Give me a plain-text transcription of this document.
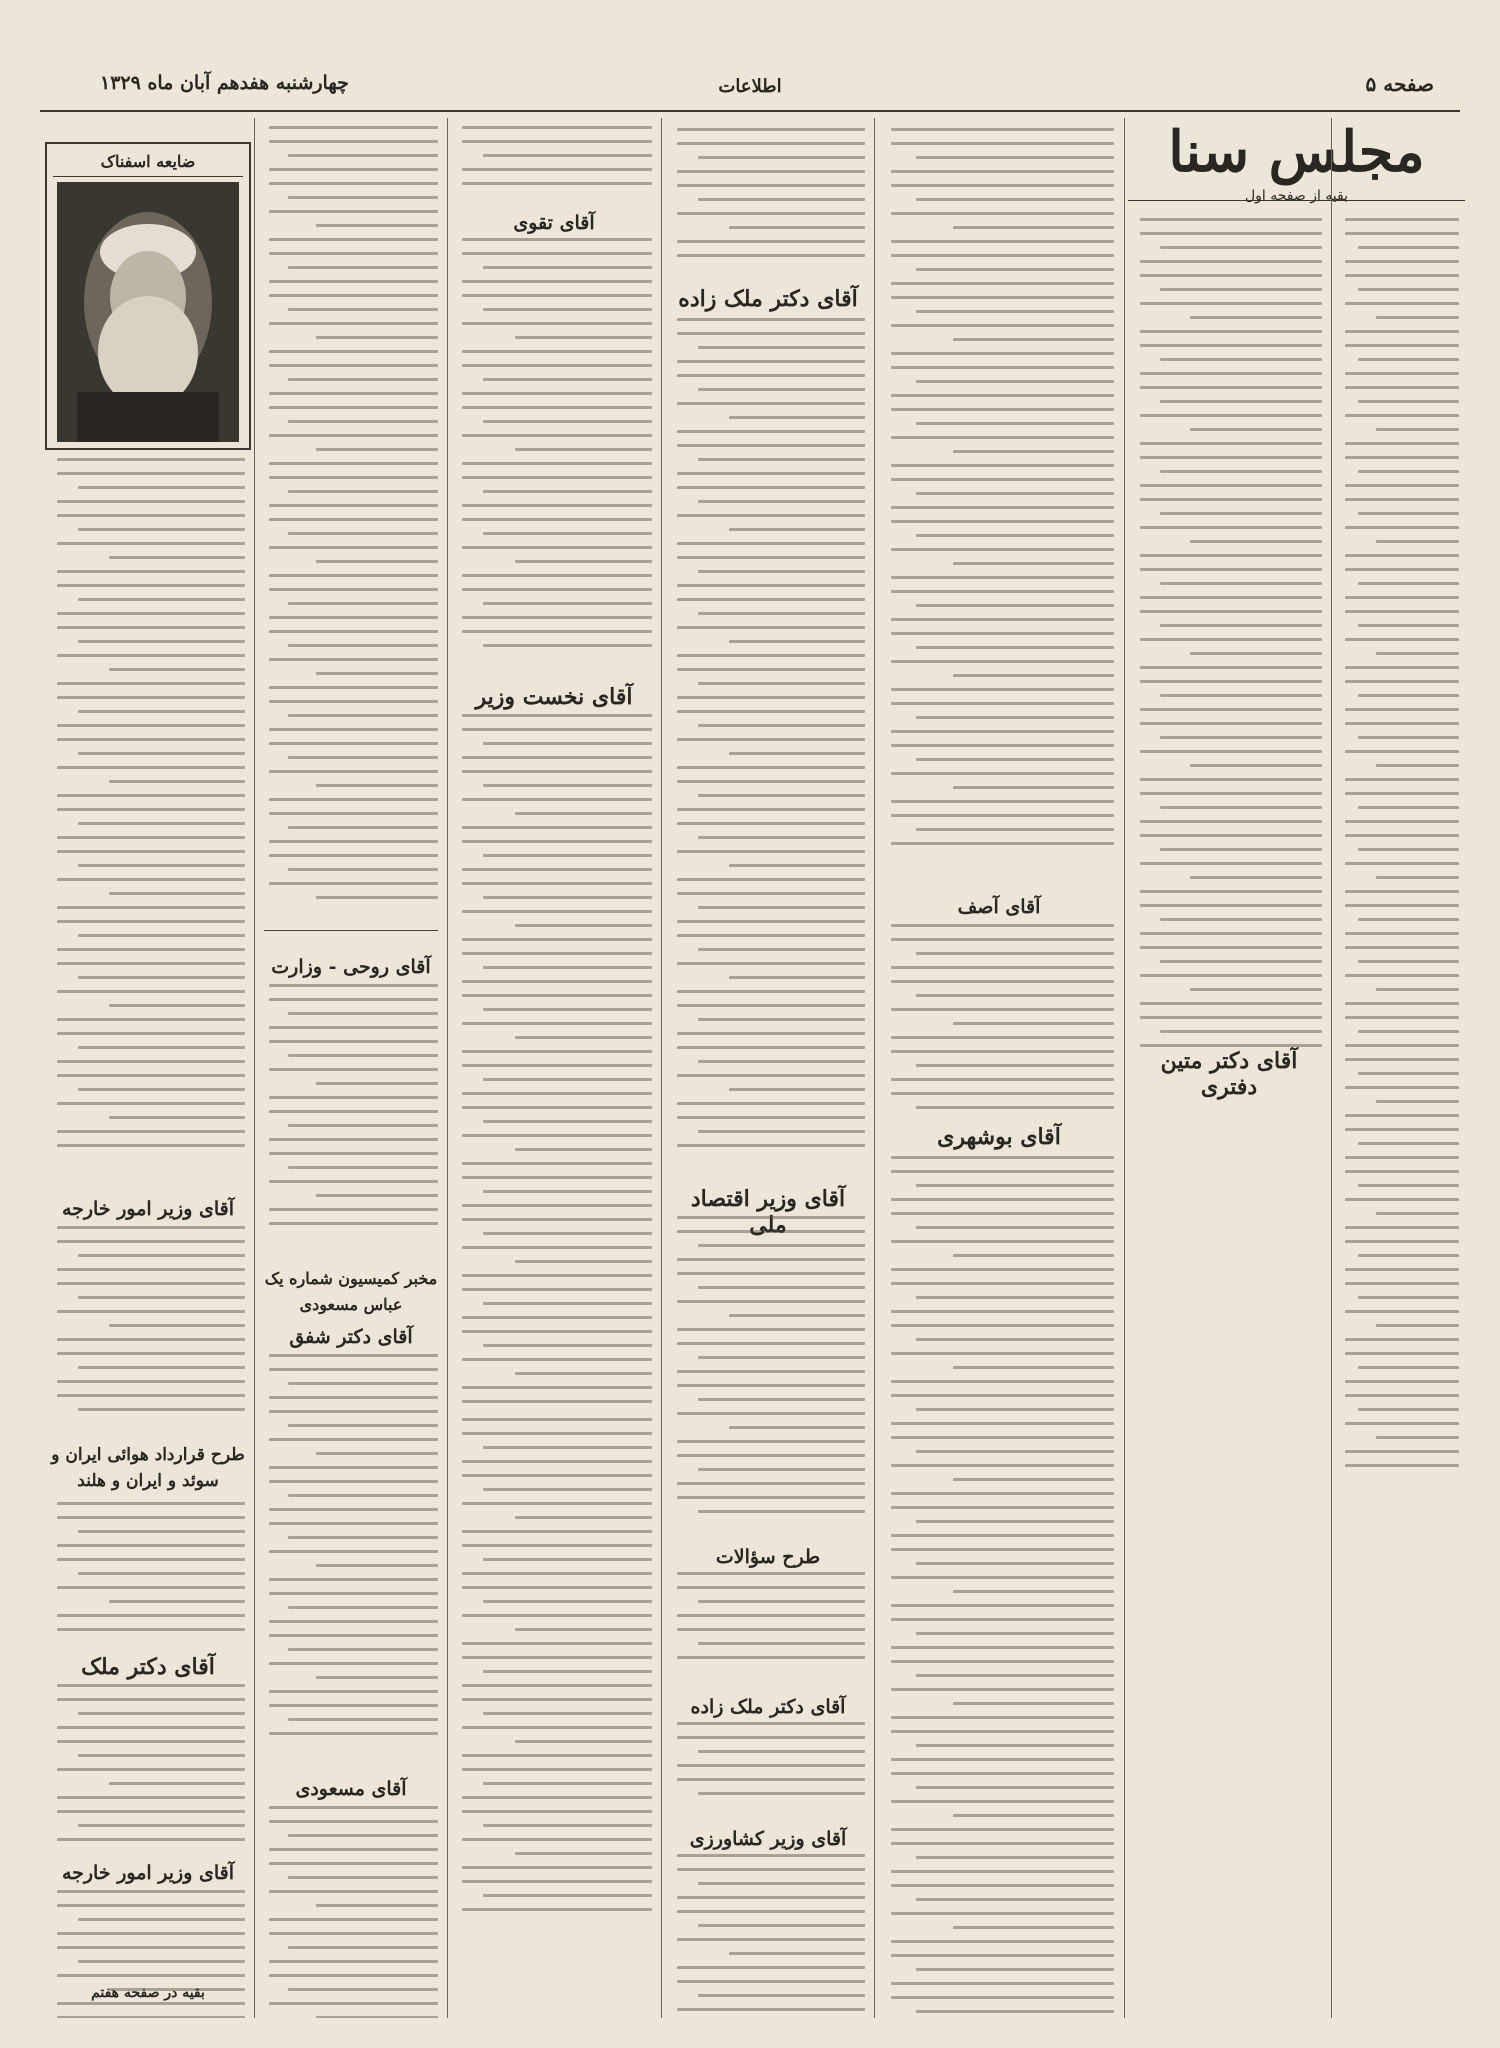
صفحه ۵
اطلاعات
چهارشنبه هفدهم آبان ماه ۱۳۲۹
مجلس سنا
بقیه از صفحه اول
آقای آصف
آقای بوشهری
آقای دکتر متین دفتری
آقای دکتر ملک زاده
آقای وزیر اقتصاد ملی
طرح سؤالات
آقای دکتر ملک زاده
آقای وزیر کشاورزی
آقای تقوی
آقای نخست وزیر
آقای روحی - وزارت
مخبر کمیسیون شماره یک عباس مسعودی
آقای دکتر شفق
آقای مسعودی
ضایعه اسفناک
آقای وزیر امور خارجه
طرح قرارداد هوائی ایران و سوئد و ایران و هلند
آقای دکتر ملک
آقای وزیر امور خارجه
بقیه در صفحه هفتم
